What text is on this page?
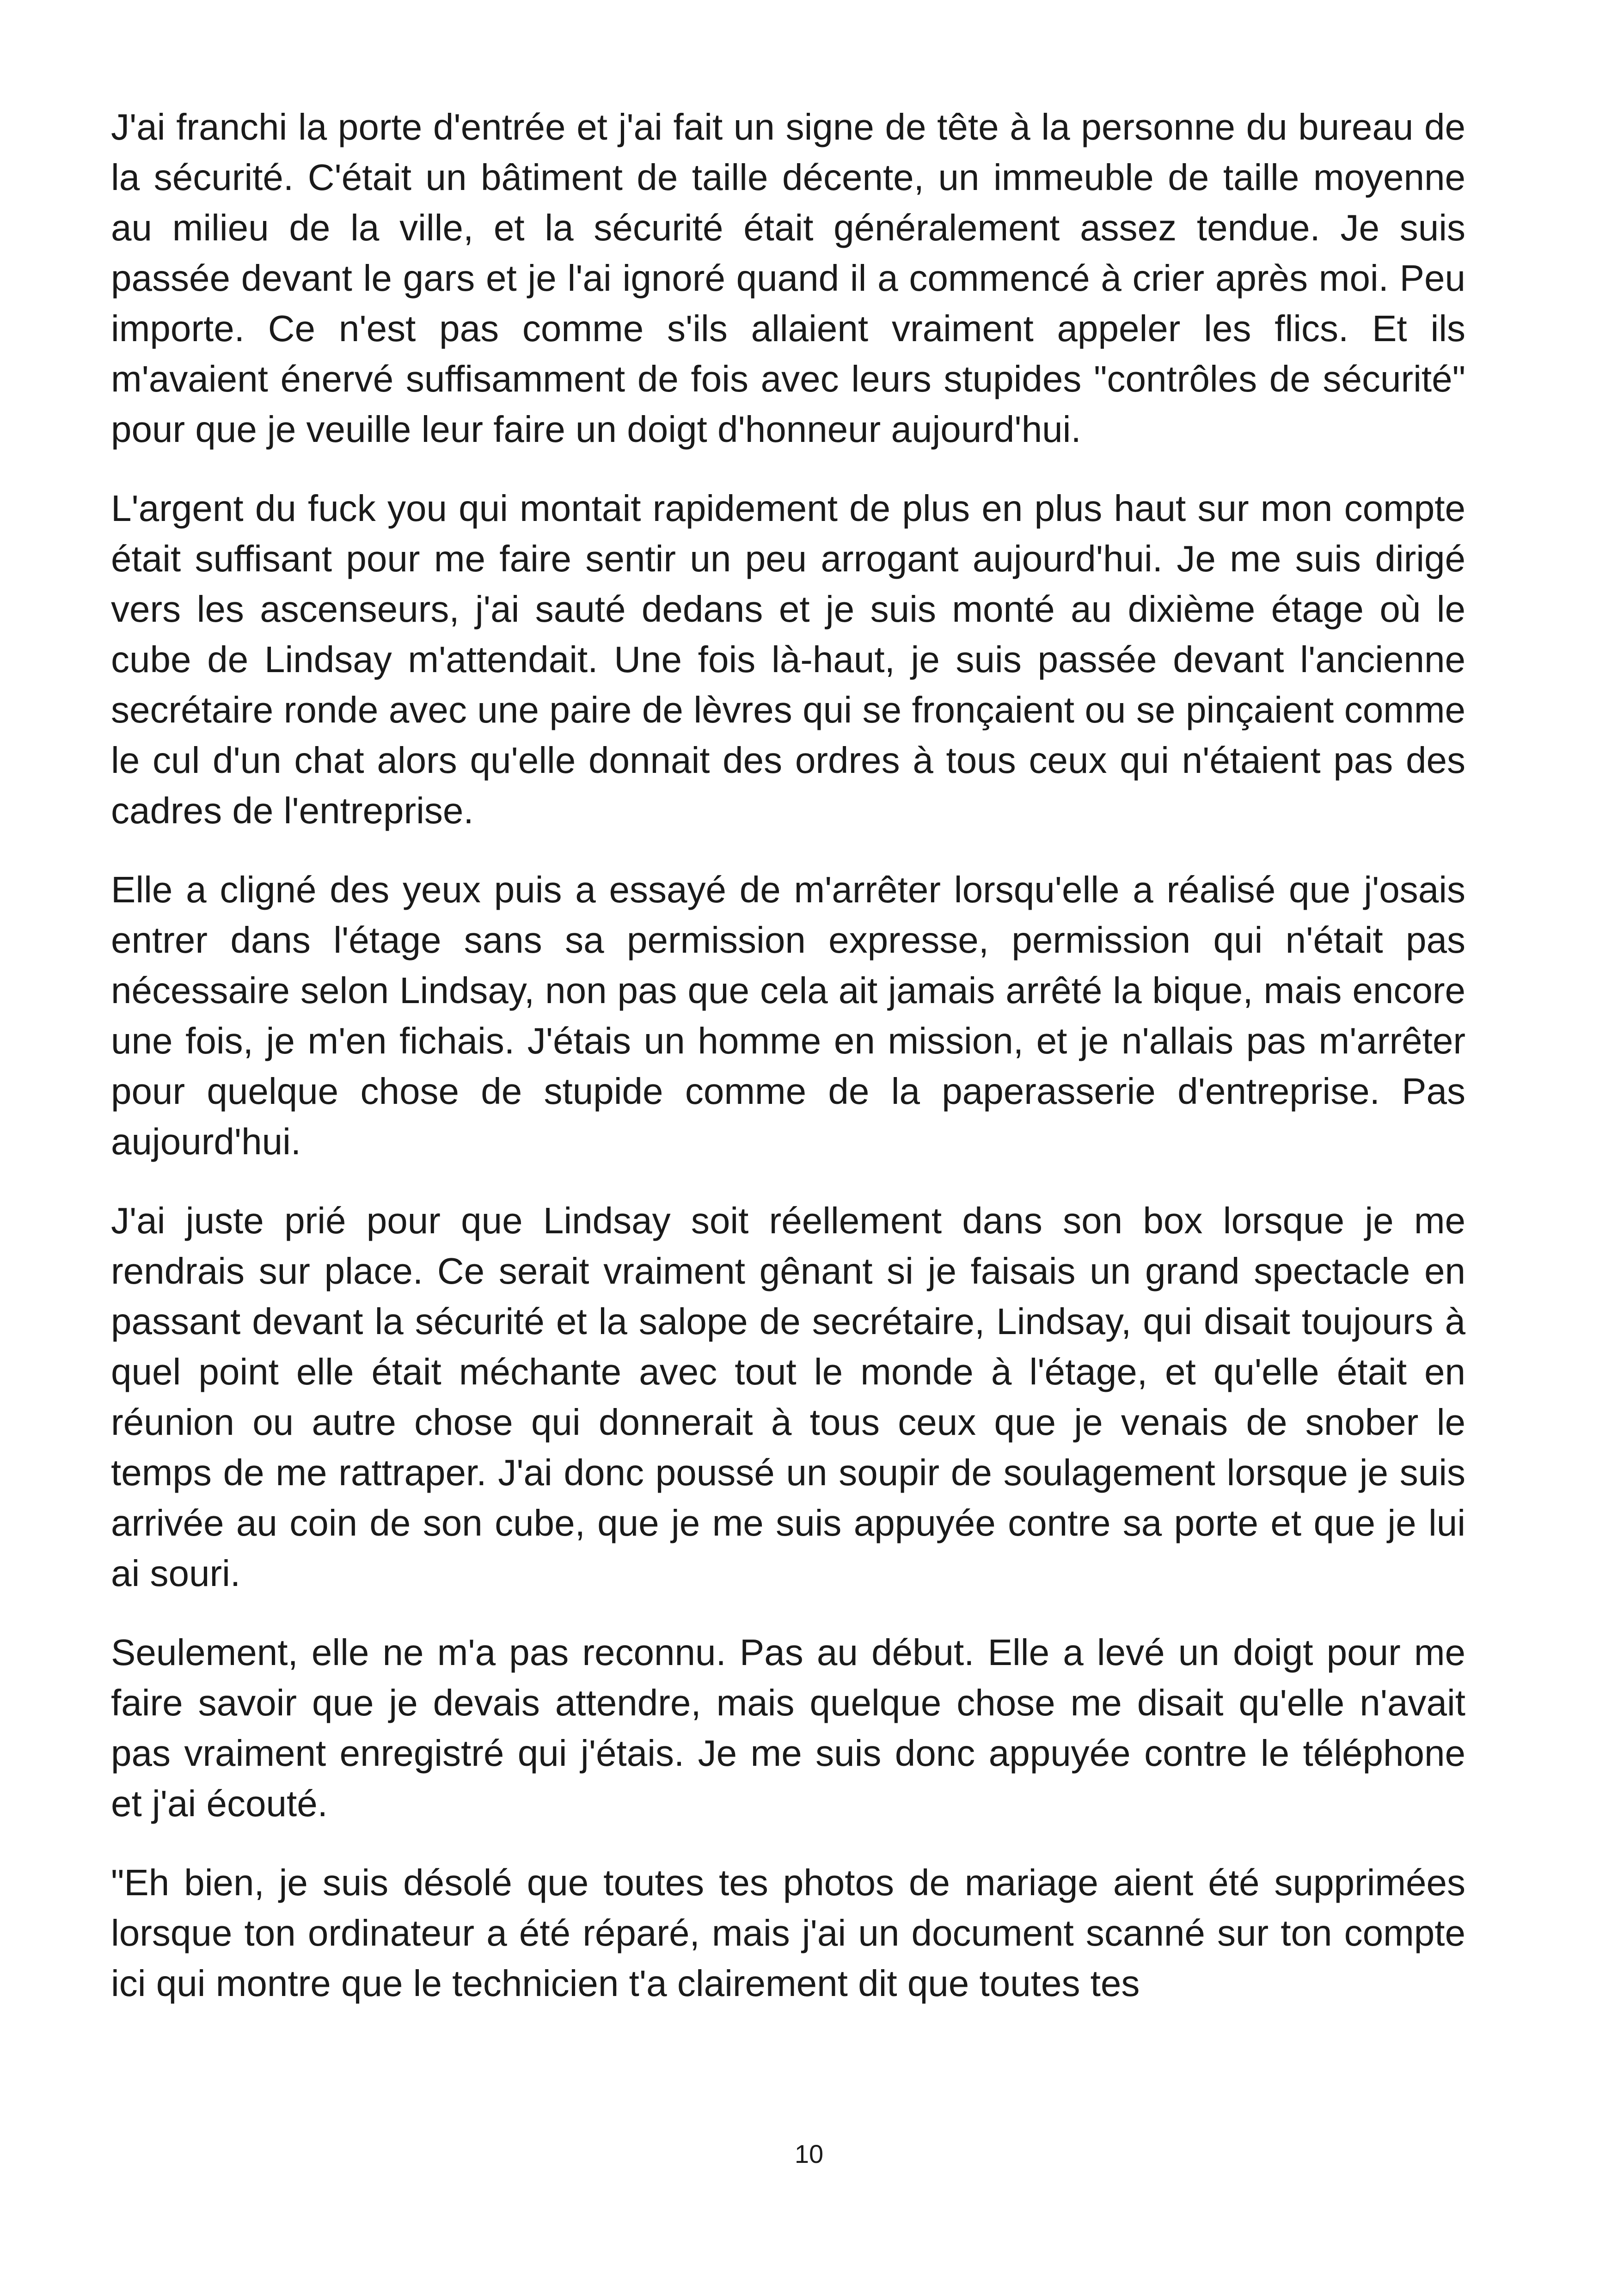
J'ai franchi la porte d'entrée et j'ai fait un signe de tête à la personne du bureau de la sécurité. C'était un bâtiment de taille décente, un immeuble de taille moyenne au milieu de la ville, et la sécurité était généralement assez tendue. Je suis passée devant le gars et je l'ai ignoré quand il a commencé à crier après moi. Peu importe. Ce n'est pas comme s'ils allaient vraiment appeler les flics. Et ils m'avaient énervé suffisamment de fois avec leurs stupides "contrôles de sécurité" pour que je veuille leur faire un doigt d'honneur aujourd'hui.

L'argent du fuck you qui montait rapidement de plus en plus haut sur mon compte était suffisant pour me faire sentir un peu arrogant aujourd'hui. Je me suis dirigé vers les ascenseurs, j'ai sauté dedans et je suis monté au dixième étage où le cube de Lindsay m'attendait. Une fois là-haut, je suis passée devant l'ancienne secrétaire ronde avec une paire de lèvres qui se fronçaient ou se pinçaient comme le cul d'un chat alors qu'elle donnait des ordres à tous ceux qui n'étaient pas des cadres de l'entreprise.

Elle a cligné des yeux puis a essayé de m'arrêter lorsqu'elle a réalisé que j'osais entrer dans l'étage sans sa permission expresse, permission qui n'était pas nécessaire selon Lindsay, non pas que cela ait jamais arrêté la bique, mais encore une fois, je m'en fichais. J'étais un homme en mission, et je n'allais pas m'arrêter pour quelque chose de stupide comme de la paperasserie d'entreprise. Pas aujourd'hui.

J'ai juste prié pour que Lindsay soit réellement dans son box lorsque je me rendrais sur place. Ce serait vraiment gênant si je faisais un grand spectacle en passant devant la sécurité et la salope de secrétaire, Lindsay, qui disait toujours à quel point elle était méchante avec tout le monde à l'étage, et qu'elle était en réunion ou autre chose qui donnerait à tous ceux que je venais de snober le temps de me rattraper. J'ai donc poussé un soupir de soulagement lorsque je suis arrivée au coin de son cube, que je me suis appuyée contre sa porte et que je lui ai souri.

Seulement, elle ne m'a pas reconnu. Pas au début. Elle a levé un doigt pour me faire savoir que je devais attendre, mais quelque chose me disait qu'elle n'avait pas vraiment enregistré qui j'étais. Je me suis donc appuyée contre le téléphone et j'ai écouté.

"Eh bien, je suis désolé que toutes tes photos de mariage aient été supprimées lorsque ton ordinateur a été réparé, mais j'ai un document scanné sur ton compte ici qui montre que le technicien t'a clairement dit que toutes tes

10
